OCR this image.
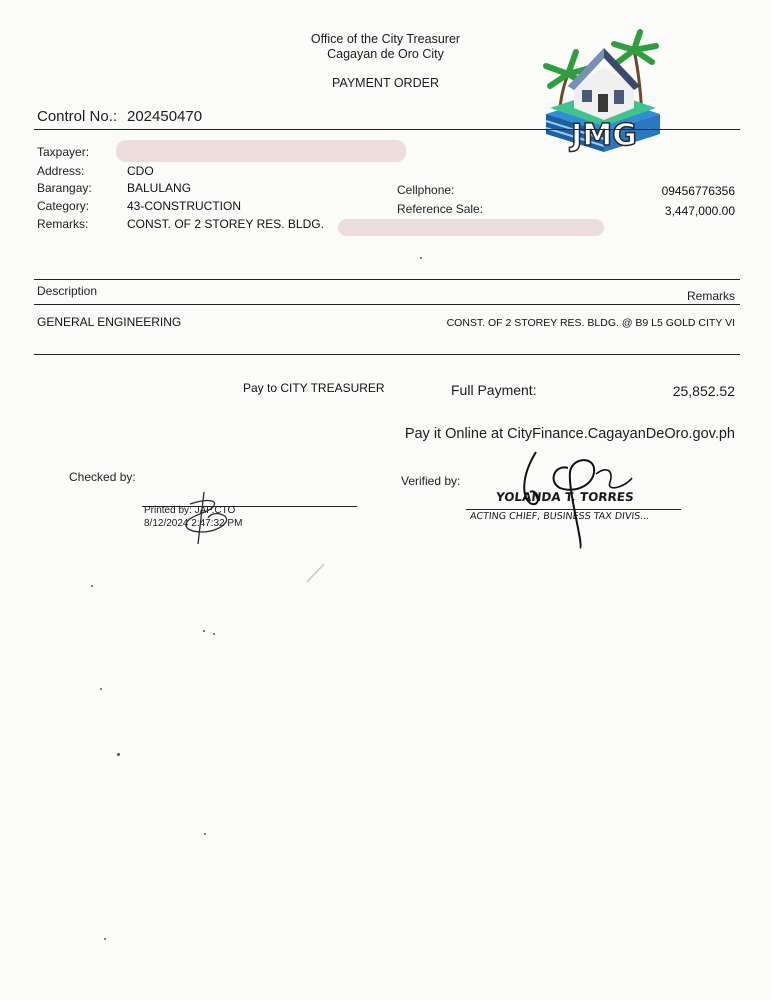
Office of the City Treasurer
Cagayan de Oro City
PAYMENT ORDER
JMG
Control No.: 202450470
Taxpayer:
Address:	CDO
Barangay:	BALULANG
Category:	43-CONSTRUCTION
Remarks:	CONST. OF 2 STOREY RES. BLDG.
Cellphone:	09456776356
Reference Sale:	3,447,000.00
Description	Remarks
GENERAL ENGINEERING	CONST. OF 2 STOREY RES. BLDG. @ B9 L5 GOLD CITY VI
Pay to CITY TREASURER	Full Payment:	25,852.52
Pay it Online at CityFinance.CagayanDeOro.gov.ph
Checked by:
Printed by: JAP.CTO
8/12/2024 2:47:32 PM
Verified by:
YOLANDA T. TORRES
ACTING CHIEF, BUSINESS TAX DIVIS...
